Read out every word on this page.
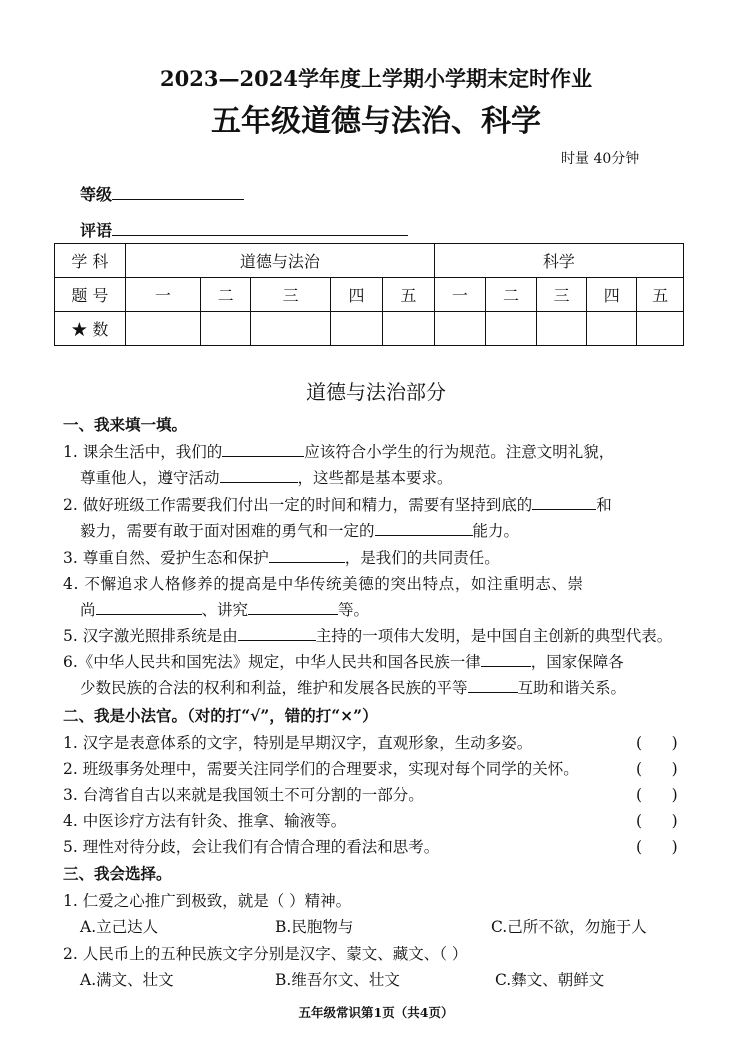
2023—2024学年度上学期小学期末定时作业
五年级道德与法治、科学
时量 40分钟
等级
评语
学 科	道德与法治					科学				
题 号	一	二	三	四	五	一	二	三	四	五
★ 数										
道德与法治部分
一、我来填一填。
1. 课余生活中，我们的	应该符合小学生的行为规范。注意文明礼貌，
尊重他人，遵守活动	，这些都是基本要求。
2. 做好班级工作需要我们付出一定的时间和精力，需要有坚持到底的	和
毅力，需要有敢于面对困难的勇气和一定的	能力。
3. 尊重自然、爱护生态和保护	，是我们的共同责任。
4. 不懈追求人格修养的提高是中华传统美德的突出特点，如注重明志、崇
尚	、讲究	等。
5. 汉字激光照排系统是由	主持的一项伟大发明，是中国自主创新的典型代表。
6.《中华人民共和国宪法》规定，中华人民共和国各民族一律	，国家保障各
少数民族的合法的权利和利益，维护和发展各民族的平等	互助和谐关系。
二、我是小法官。（对的打“√”，错的打“×”）
1. 汉字是表意体系的文字，特别是早期汉字，直观形象，生动多姿。	(      )
2. 班级事务处理中，需要关注同学们的合理要求，实现对每个同学的关怀。	(      )
3. 台湾省自古以来就是我国领土不可分割的一部分。	(      )
4. 中医诊疗方法有针灸、推拿、输液等。	(      )
5. 理性对待分歧，会让我们有合情合理的看法和思考。	(      )
三、我会选择。
1. 仁爱之心推广到极致，就是（ ）精神。
A.立己达人	B.民胞物与	C.己所不欲，勿施于人
2. 人民币上的五种民族文字分别是汉字、蒙文、藏文、（ ）
A.满文、壮文	B.维吾尔文、壮文	C.彝文、朝鲜文
五年级常识第1页（共4页）
